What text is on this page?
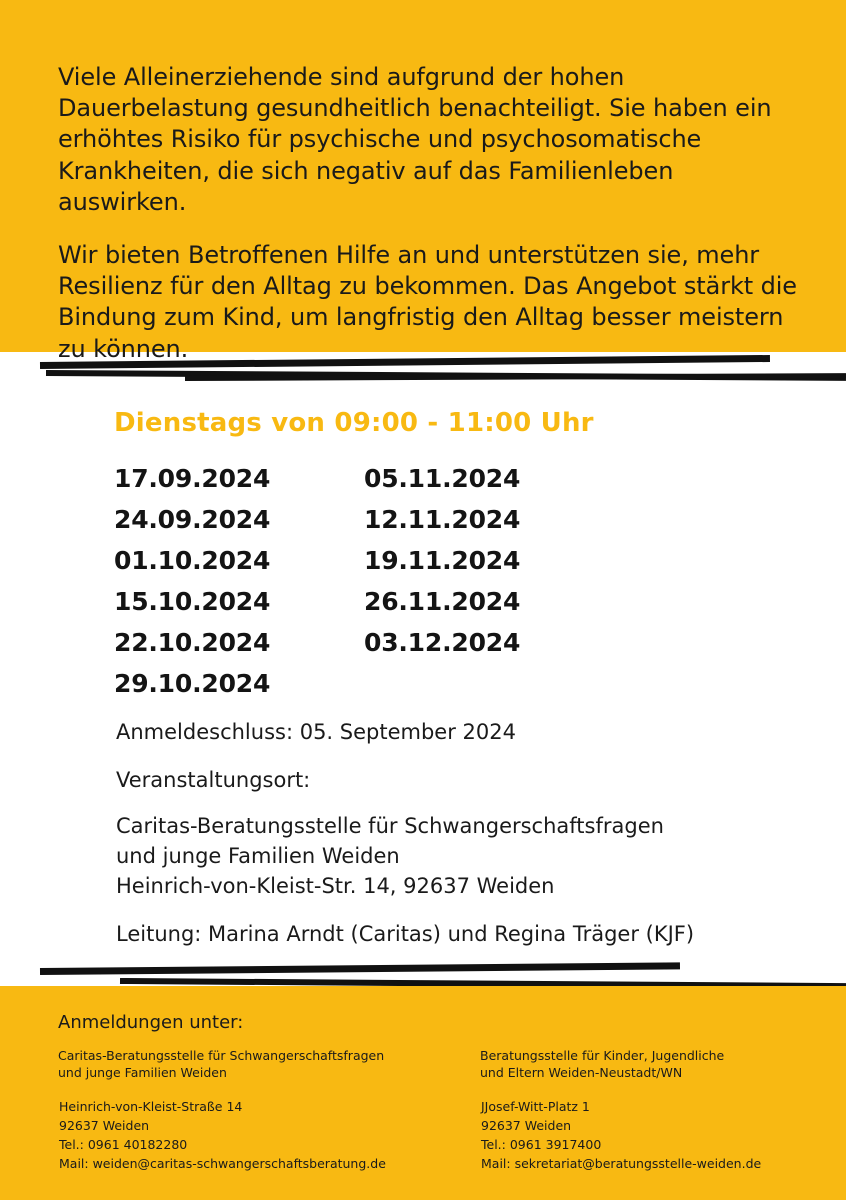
Viele Alleinerziehende sind aufgrund der hohen Dauerbelastung gesundheitlich benachteiligt. Sie haben ein erhöhtes Risiko für psychische und psychosomatische Krankheiten, die sich negativ auf das Familienleben auswirken.

Wir bieten Betroffenen Hilfe an und unterstützen sie, mehr Resilienz für den Alltag zu bekommen. Das Angebot stärkt die Bindung zum Kind, um langfristig den Alltag besser meistern zu können.

Dienstags von 09:00 - 11:00 Uhr
17.09.2024
24.09.2024
01.10.2024
15.10.2024
22.10.2024
29.10.2024
05.11.2024
12.11.2024
19.11.2024
26.11.2024
03.12.2024
Anmeldeschluss: 05. September 2024
Veranstaltungsort:
Caritas-Beratungsstelle für Schwangerschaftsfragen
und junge Familien Weiden
Heinrich-von-Kleist-Str. 14, 92637 Weiden
Leitung: Marina Arndt (Caritas) und Regina Träger (KJF)
Anmeldungen unter:
Caritas-Beratungsstelle für Schwangerschaftsfragen
und junge Familien Weiden
Heinrich-von-Kleist-Straße 14
92637 Weiden
Tel.: 0961 40182280
Mail: weiden@caritas-schwangerschaftsberatung.de
Beratungsstelle für Kinder, Jugendliche
und Eltern Weiden-Neustadt/WN
JJosef-Witt-Platz 1
92637 Weiden
Tel.: 0961 3917400
Mail: sekretariat@beratungsstelle-weiden.de
